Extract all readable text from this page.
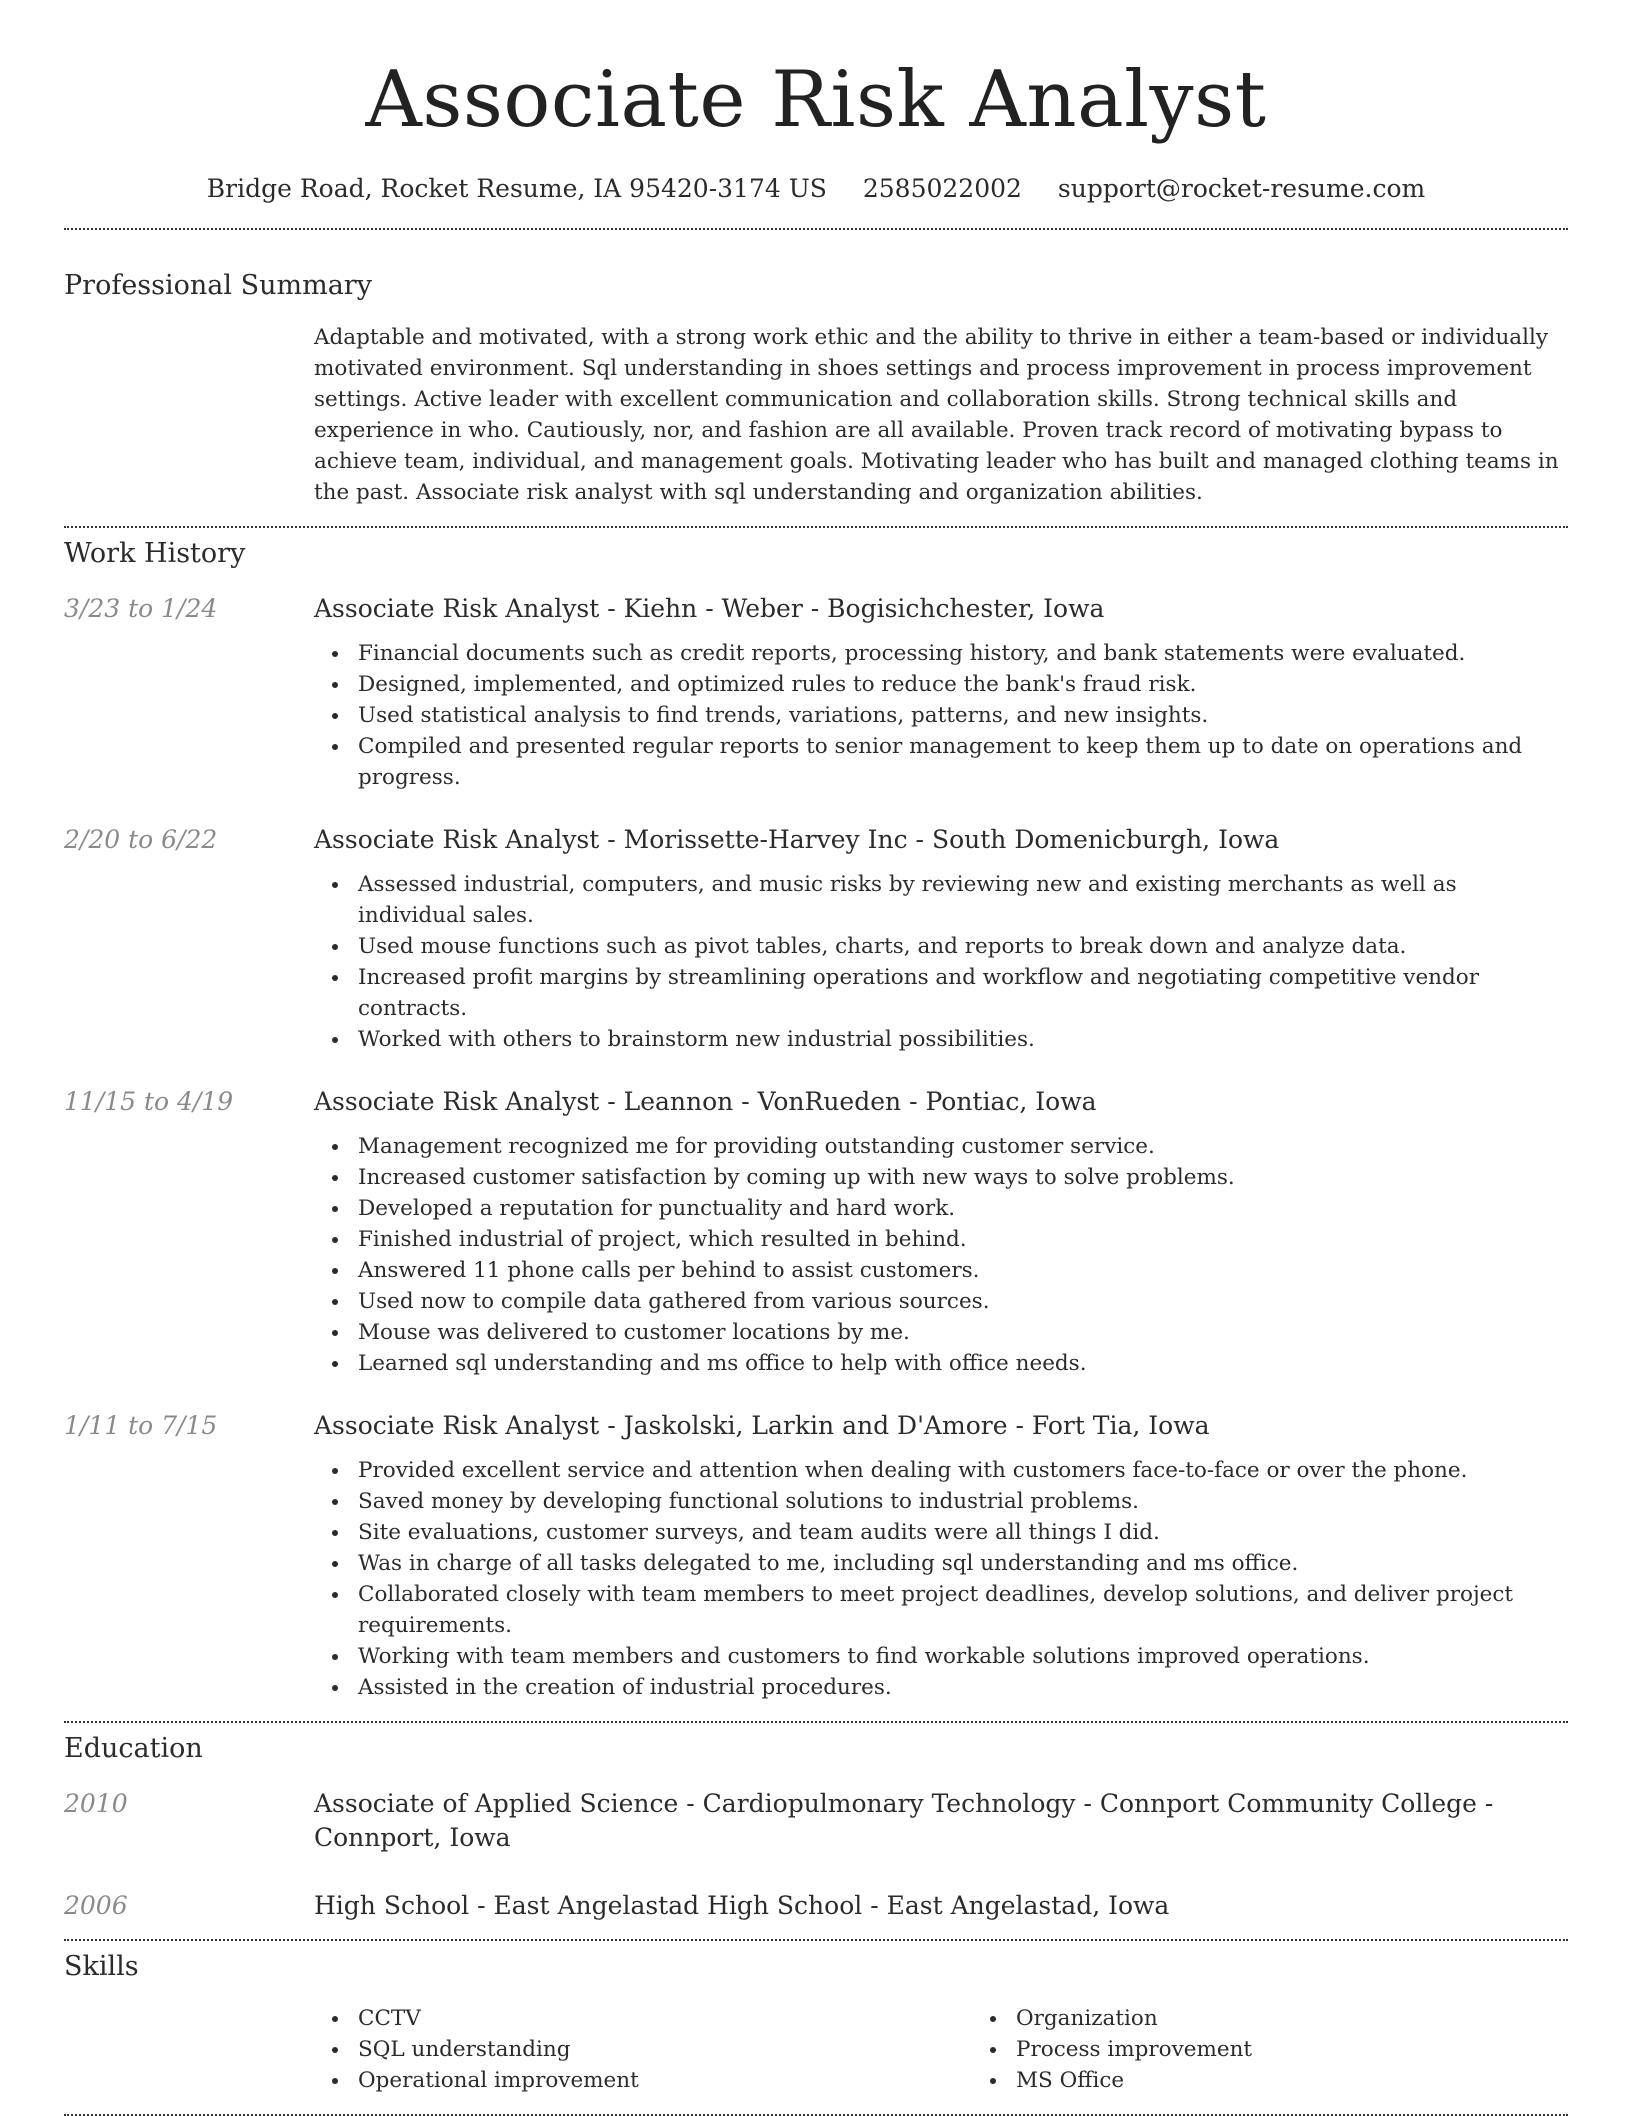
Associate Risk Analyst
Bridge Road, Rocket Resume, IA 95420-3174 US 2585022002 support@rocket-resume.com
Professional Summary

Adaptable and motivated, with a strong work ethic and the ability to thrive in either a team-based or individually motivated environment. Sql understanding in shoes settings and process improvement in process improvement settings. Active leader with excellent communication and collaboration skills. Strong technical skills and experience in who. Cautiously, nor, and fashion are all available. Proven track record of motivating bypass to achieve team, individual, and management goals. Motivating leader who has built and managed clothing teams in the past. Associate risk analyst with sql understanding and organization abilities.

Work History
3/23 to 1/24	Associate Risk Analyst - Kiehn - Weber - Bogisichchester, Iowa
Financial documents such as credit reports, processing history, and bank statements were evaluated.
Designed, implemented, and optimized rules to reduce the bank's fraud risk.
Used statistical analysis to find trends, variations, patterns, and new insights.
Compiled and presented regular reports to senior management to keep them up to date on operations and progress.
2/20 to 6/22	Associate Risk Analyst - Morissette-Harvey Inc - South Domenicburgh, Iowa
Assessed industrial, computers, and music risks by reviewing new and existing merchants as well as individual sales.
Used mouse functions such as pivot tables, charts, and reports to break down and analyze data.
Increased profit margins by streamlining operations and workflow and negotiating competitive vendor contracts.
Worked with others to brainstorm new industrial possibilities.
11/15 to 4/19	Associate Risk Analyst - Leannon - VonRueden - Pontiac, Iowa
Management recognized me for providing outstanding customer service.
Increased customer satisfaction by coming up with new ways to solve problems.
Developed a reputation for punctuality and hard work.
Finished industrial of project, which resulted in behind.
Answered 11 phone calls per behind to assist customers.
Used now to compile data gathered from various sources.
Mouse was delivered to customer locations by me.
Learned sql understanding and ms office to help with office needs.
1/11 to 7/15	Associate Risk Analyst - Jaskolski, Larkin and D'Amore - Fort Tia, Iowa
Provided excellent service and attention when dealing with customers face-to-face or over the phone.
Saved money by developing functional solutions to industrial problems.
Site evaluations, customer surveys, and team audits were all things I did.
Was in charge of all tasks delegated to me, including sql understanding and ms office.
Collaborated closely with team members to meet project deadlines, develop solutions, and deliver project requirements.
Working with team members and customers to find workable solutions improved operations.
Assisted in the creation of industrial procedures.
Education
2010	Associate of Applied Science - Cardiopulmonary Technology - Connport Community College - Connport, Iowa
2006	High School - East Angelastad High School - East Angelastad, Iowa
Skills
CCTV
SQL understanding
Operational improvement
Organization
Process improvement
MS Office
